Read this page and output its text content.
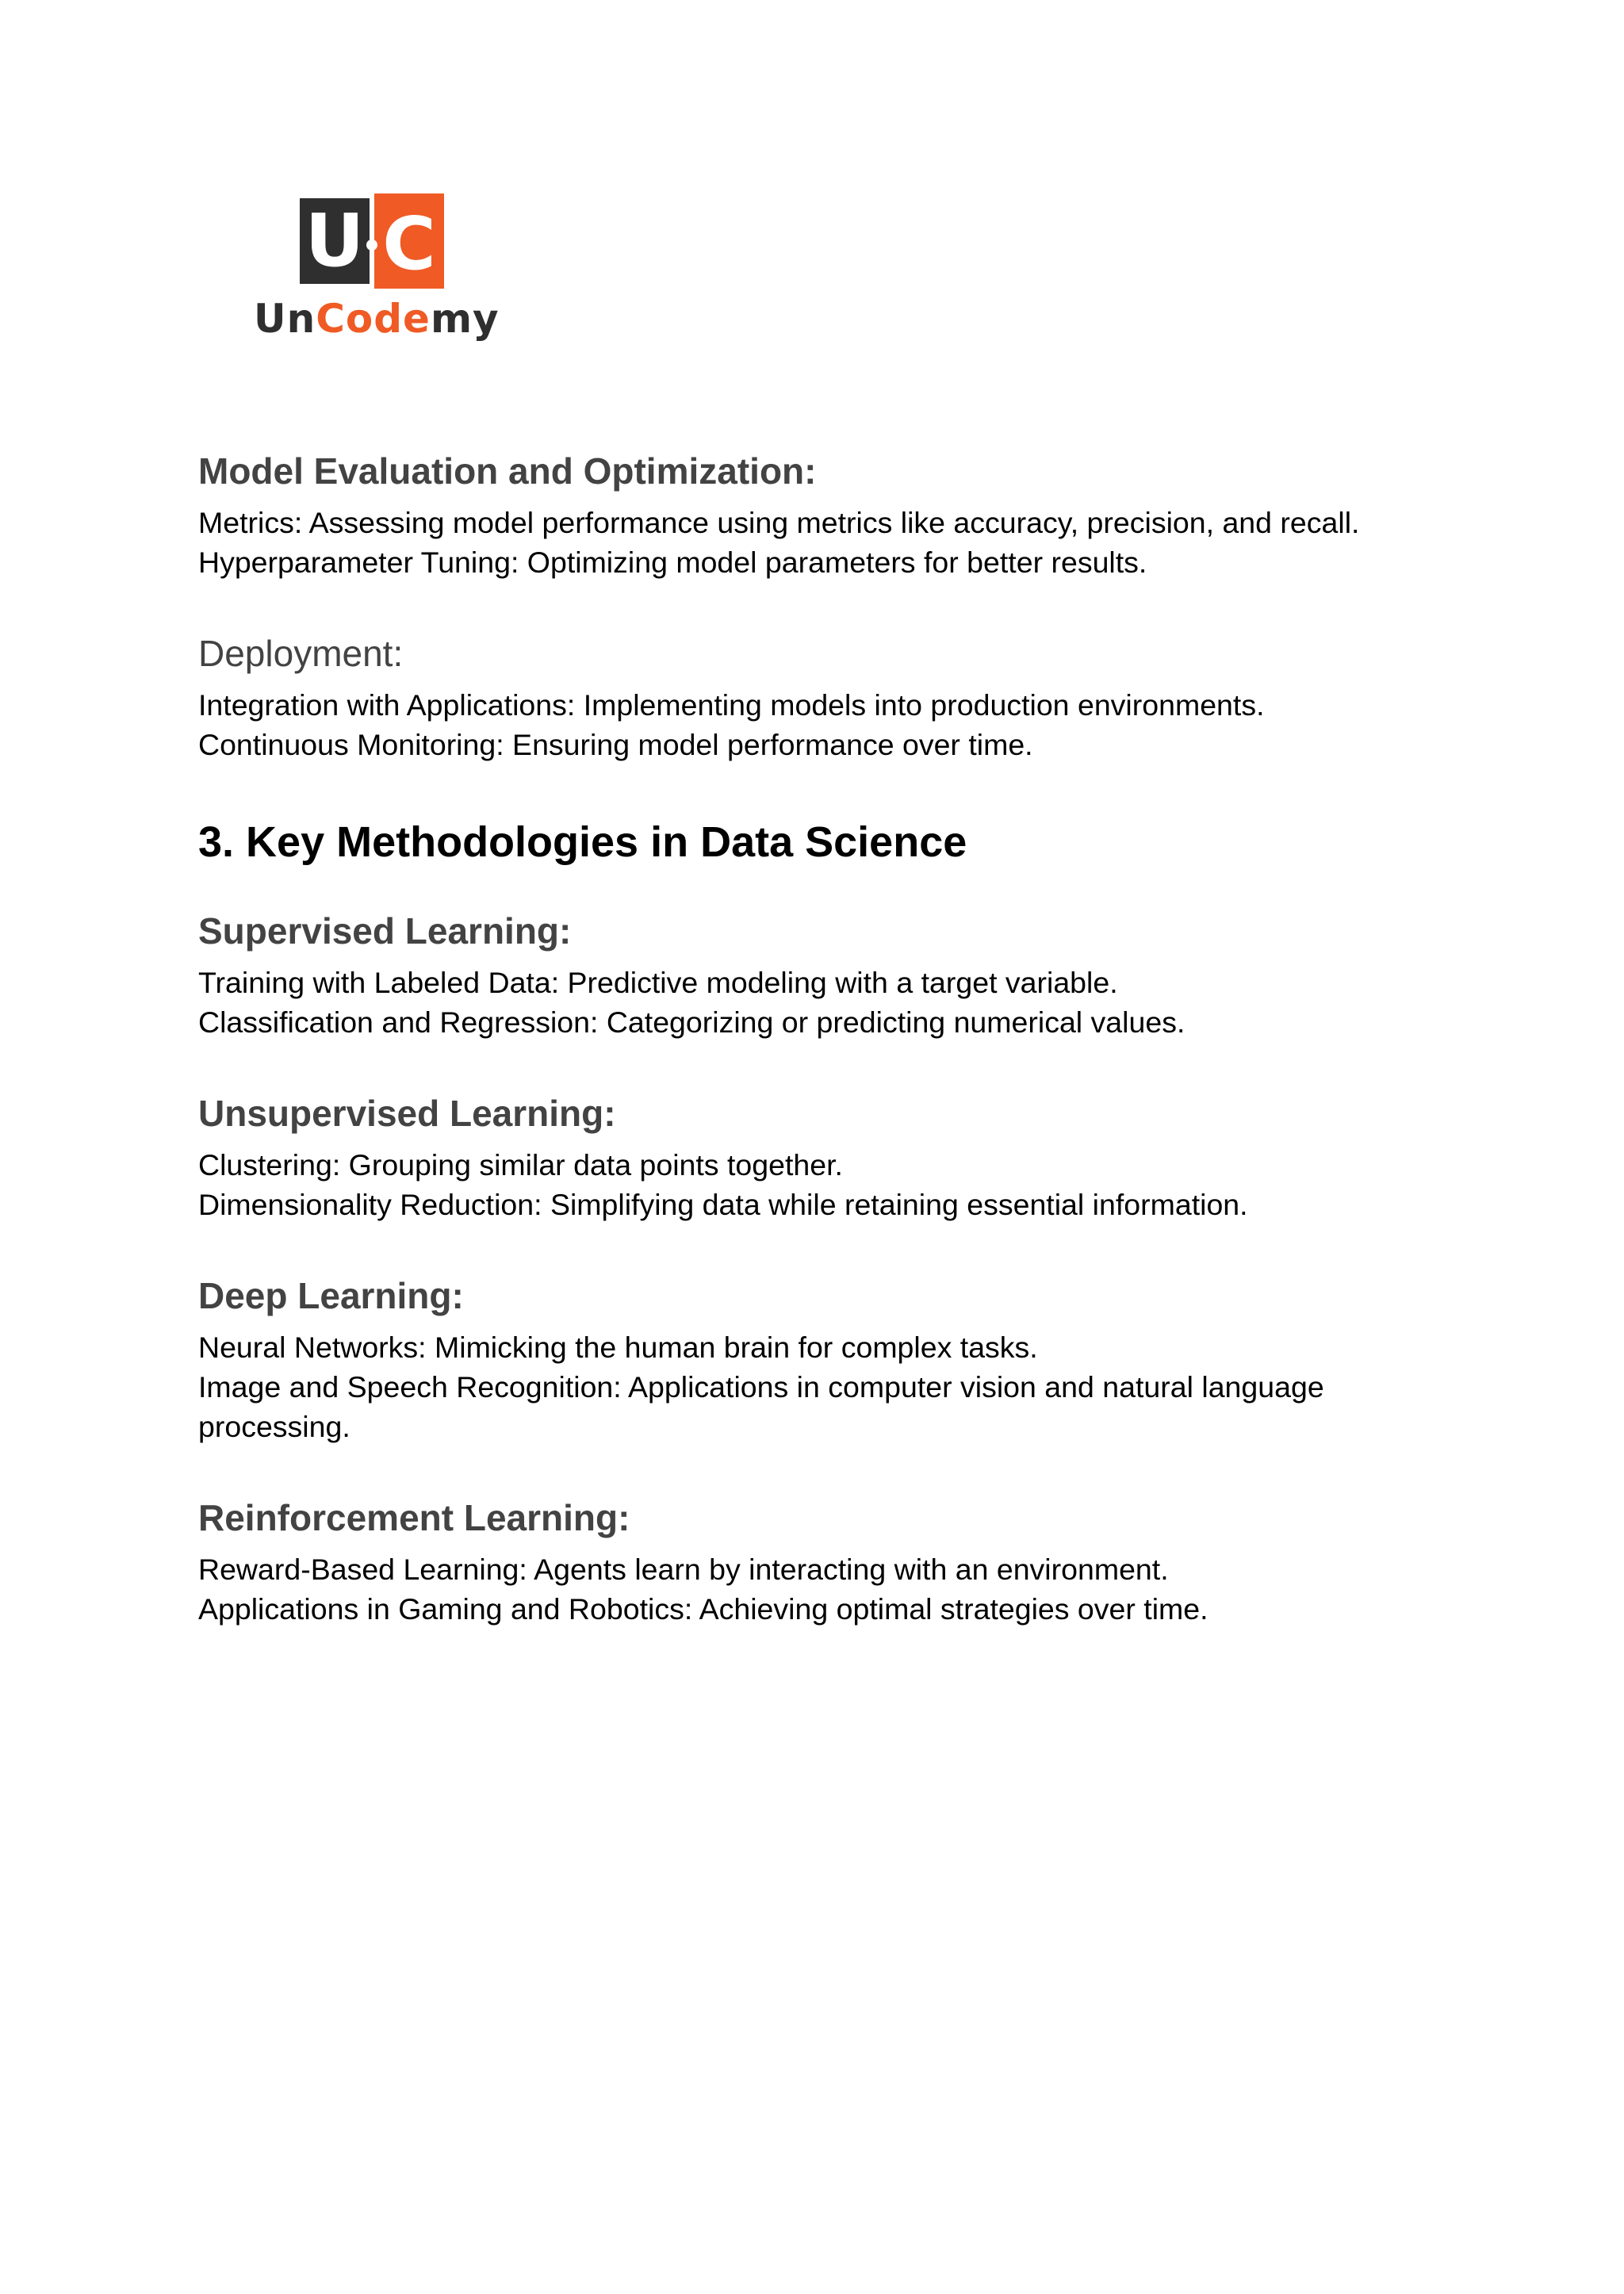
U C
UnCodemy
Model Evaluation and Optimization:

Metrics: Assessing model performance using metrics like accuracy, precision, and recall.
Hyperparameter Tuning: Optimizing model parameters for better results.

Deployment:

Integration with Applications: Implementing models into production environments.
Continuous Monitoring: Ensuring model performance over time.

3. Key Methodologies in Data Science
Supervised Learning:

Training with Labeled Data: Predictive modeling with a target variable.
Classification and Regression: Categorizing or predicting numerical values.

Unsupervised Learning:

Clustering: Grouping similar data points together.
Dimensionality Reduction: Simplifying data while retaining essential information.

Deep Learning:

Neural Networks: Mimicking the human brain for complex tasks.
Image and Speech Recognition: Applications in computer vision and natural language
processing.

Reinforcement Learning:

Reward-Based Learning: Agents learn by interacting with an environment.
Applications in Gaming and Robotics: Achieving optimal strategies over time.
